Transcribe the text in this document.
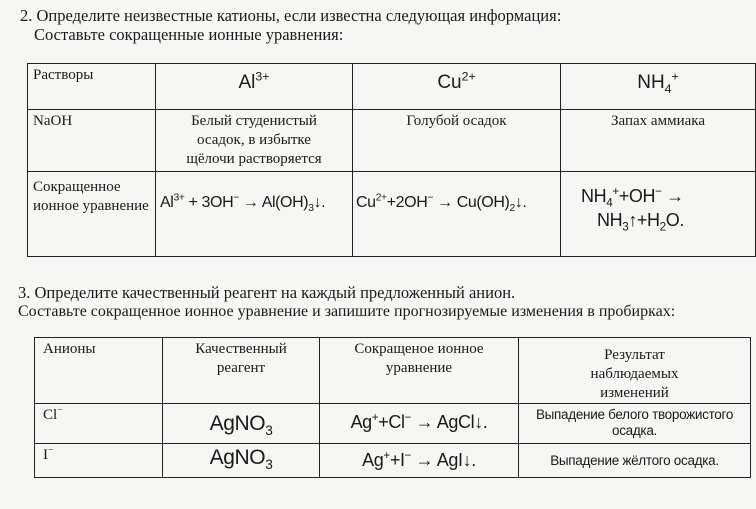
2. Определите неизвестные катионы, если известна следующая информация:
Составьте сокращенные ионные уравнения:
Растворы	$Al^{3+}$	$Cu^{2+}$	$NH_4^+$
NaOH	Белый студенистый осадок, в избытке щёлочи растворяется	Голубой осадок	Запах аммиака
Сокращенное ионное уравнение	$Al^{3+} + 3OH^-$ → $Al(OH)_3↓$.	$Cu^{2+}+2OH^-$ → $Cu(OH)_2↓$.	$NH_4^++OH^-$ →
$NH_3↑+H_2O$.
3. Определите качественный реагент на каждый предложенный анион.
Составьте сокращенное ионное уравнение и запишите прогнозируемые изменения в пробирках:
Анионы	Качественный реагент	Сокращеное ионное уравнение	Результат наблюдаемых изменений

Cl−	AgNO$_3$	Ag++Cl− → AgCl↓.	Выпадение белого творожистого осадка.

I−	AgNO$_3$	Ag++I− → AgI↓.	Выпадение жёлтого осадка.
